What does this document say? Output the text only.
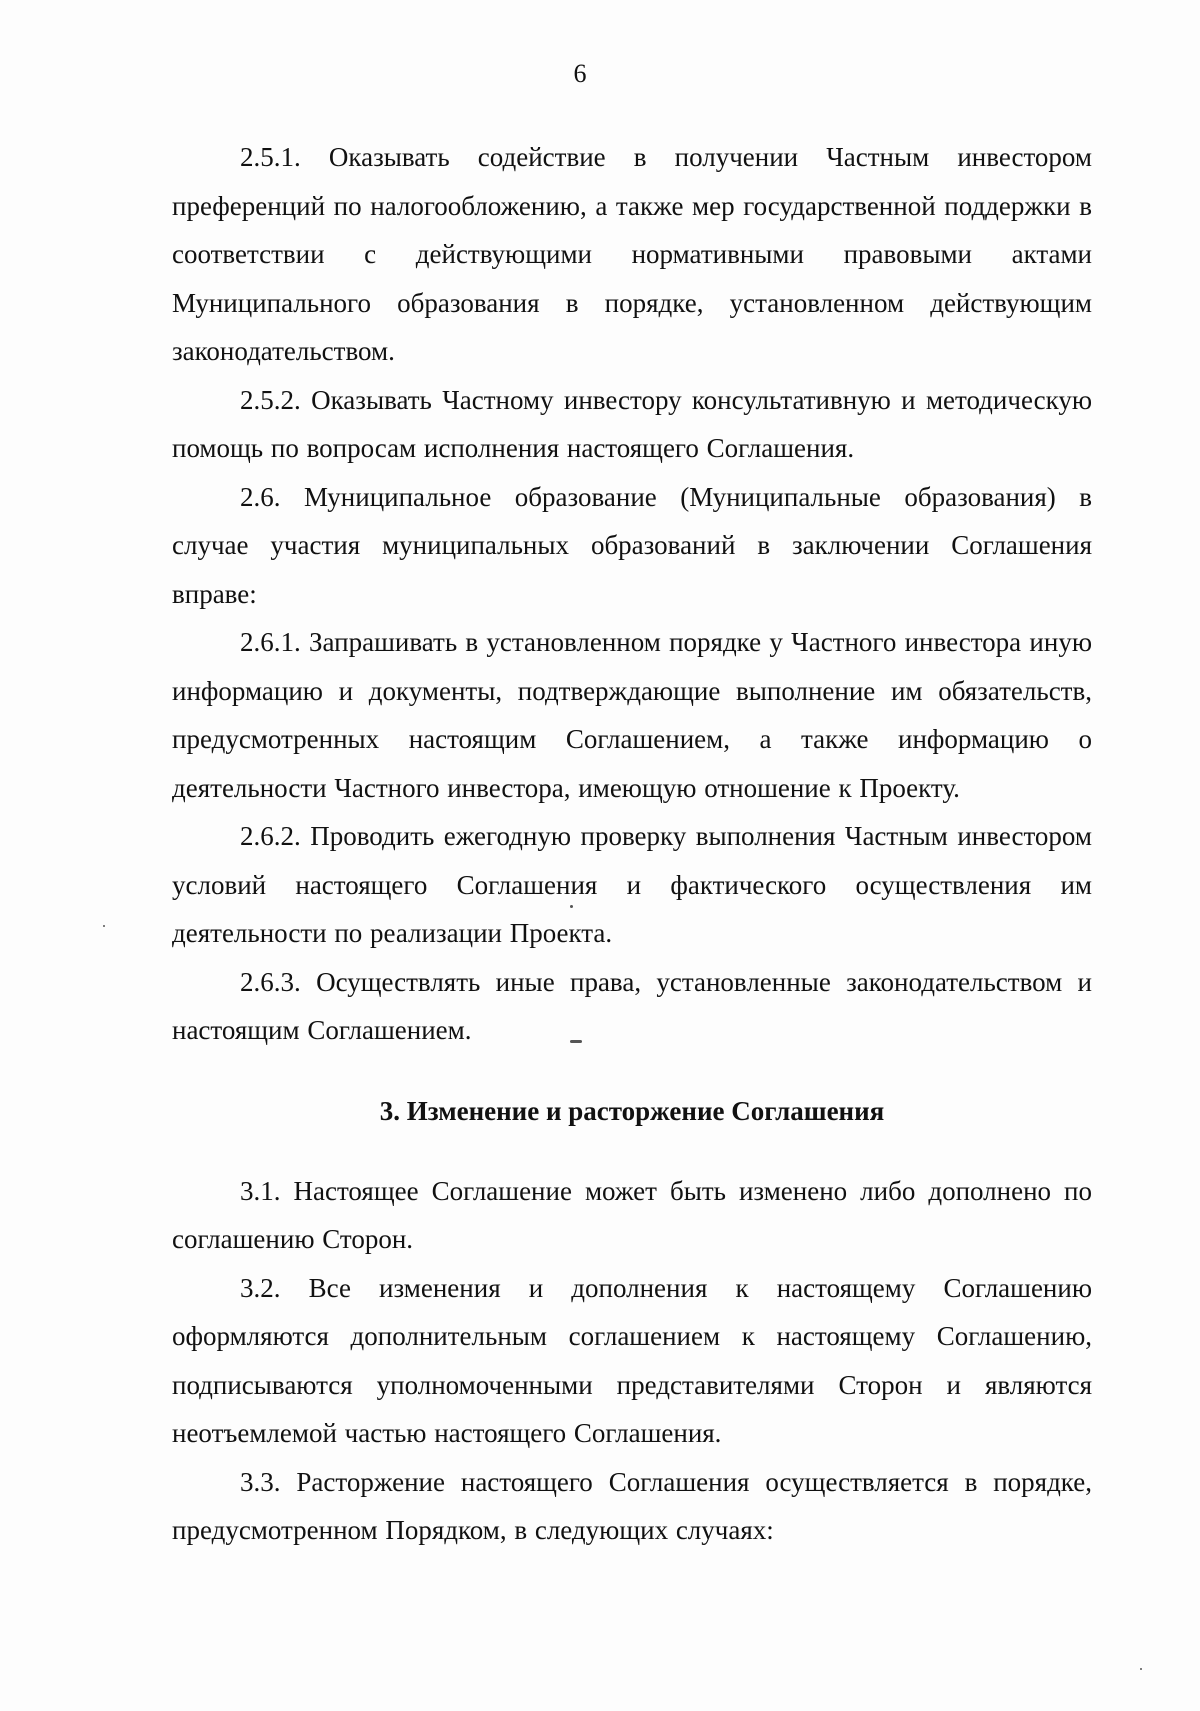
6

2.5.1. Оказывать содействие в получении Частным инвестором преференций по налогообложению, а также мер государственной поддержки в соответствии с действующими нормативными правовыми актами Муниципального образования в порядке, установленном действующим законодательством.

2.5.2. Оказывать Частному инвестору консультативную и методическую помощь по вопросам исполнения настоящего Соглашения.

2.6. Муниципальное образование (Муниципальные образования) в случае участия муниципальных образований в заключении Соглашения вправе:

2.6.1. Запрашивать в установленном порядке у Частного инвестора иную информацию и документы, подтверждающие выполнение им обязательств, предусмотренных настоящим Соглашением, а также информацию о деятельности Частного инвестора, имеющую отношение к Проекту.

2.6.2. Проводить ежегодную проверку выполнения Частным инвестором условий настоящего Соглашения и фактического осуществления им деятельности по реализации Проекта.

2.6.3. Осуществлять иные права, установленные законодательством и настоящим Соглашением.

3. Изменение и расторжение Соглашения

3.1. Настоящее Соглашение может быть изменено либо дополнено по соглашению Сторон.

3.2. Все изменения и дополнения к настоящему Соглашению оформляются дополнительным соглашением к настоящему Соглашению, подписываются уполномоченными представителями Сторон и являются неотъемлемой частью настоящего Соглашения.

3.3. Расторжение настоящего Соглашения осуществляется в порядке, предусмотренном Порядком, в следующих случаях:
